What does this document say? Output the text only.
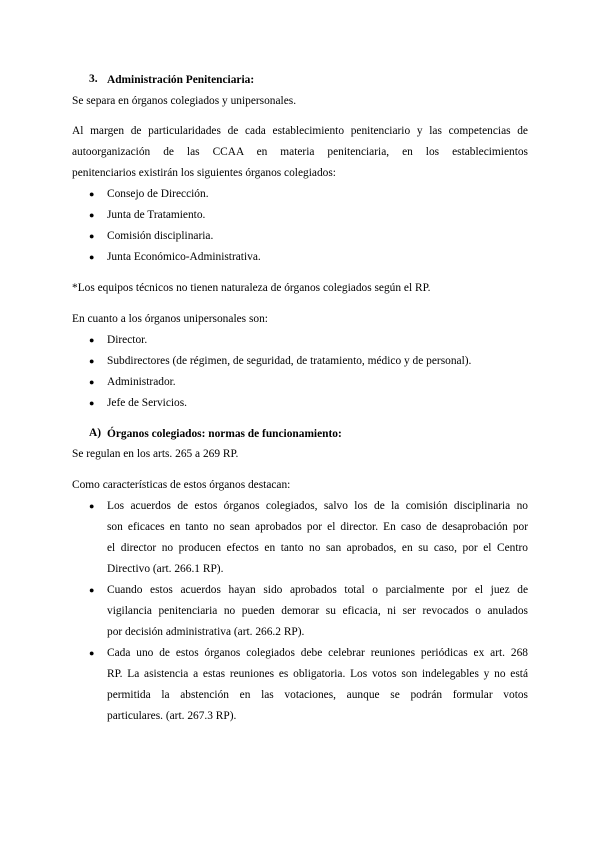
3. Administración Penitenciaria:
Se separa en órganos colegiados y unipersonales.
Al margen de particularidades de cada establecimiento penitenciario y las competencias de
autoorganización de las CCAA en materia penitenciaria, en los establecimientos
penitenciarios existirán los siguientes órganos colegiados:
● Consejo de Dirección.
● Junta de Tratamiento.
● Comisión disciplinaria.
● Junta Económico-Administrativa.
*Los equipos técnicos no tienen naturaleza de órganos colegiados según el RP.
En cuanto a los órganos unipersonales son:
● Director.
● Subdirectores (de régimen, de seguridad, de tratamiento, médico y de personal).
● Administrador.
● Jefe de Servicios.
A) Órganos colegiados: normas de funcionamiento:
Se regulan en los arts. 265 a 269 RP.
Como características de estos órganos destacan:
● Los acuerdos de estos órganos colegiados, salvo los de la comisión disciplinaria no
son eficaces en tanto no sean aprobados por el director. En caso de desaprobación por
el director no producen efectos en tanto no san aprobados, en su caso, por el Centro
Directivo (art. 266.1 RP).
● Cuando estos acuerdos hayan sido aprobados total o parcialmente por el juez de
vigilancia penitenciaria no pueden demorar su eficacia, ni ser revocados o anulados
por decisión administrativa (art. 266.2 RP).
● Cada uno de estos órganos colegiados debe celebrar reuniones periódicas ex art. 268
RP. La asistencia a estas reuniones es obligatoria. Los votos son indelegables y no está
permitida la abstención en las votaciones, aunque se podrán formular votos
particulares. (art. 267.3 RP).
